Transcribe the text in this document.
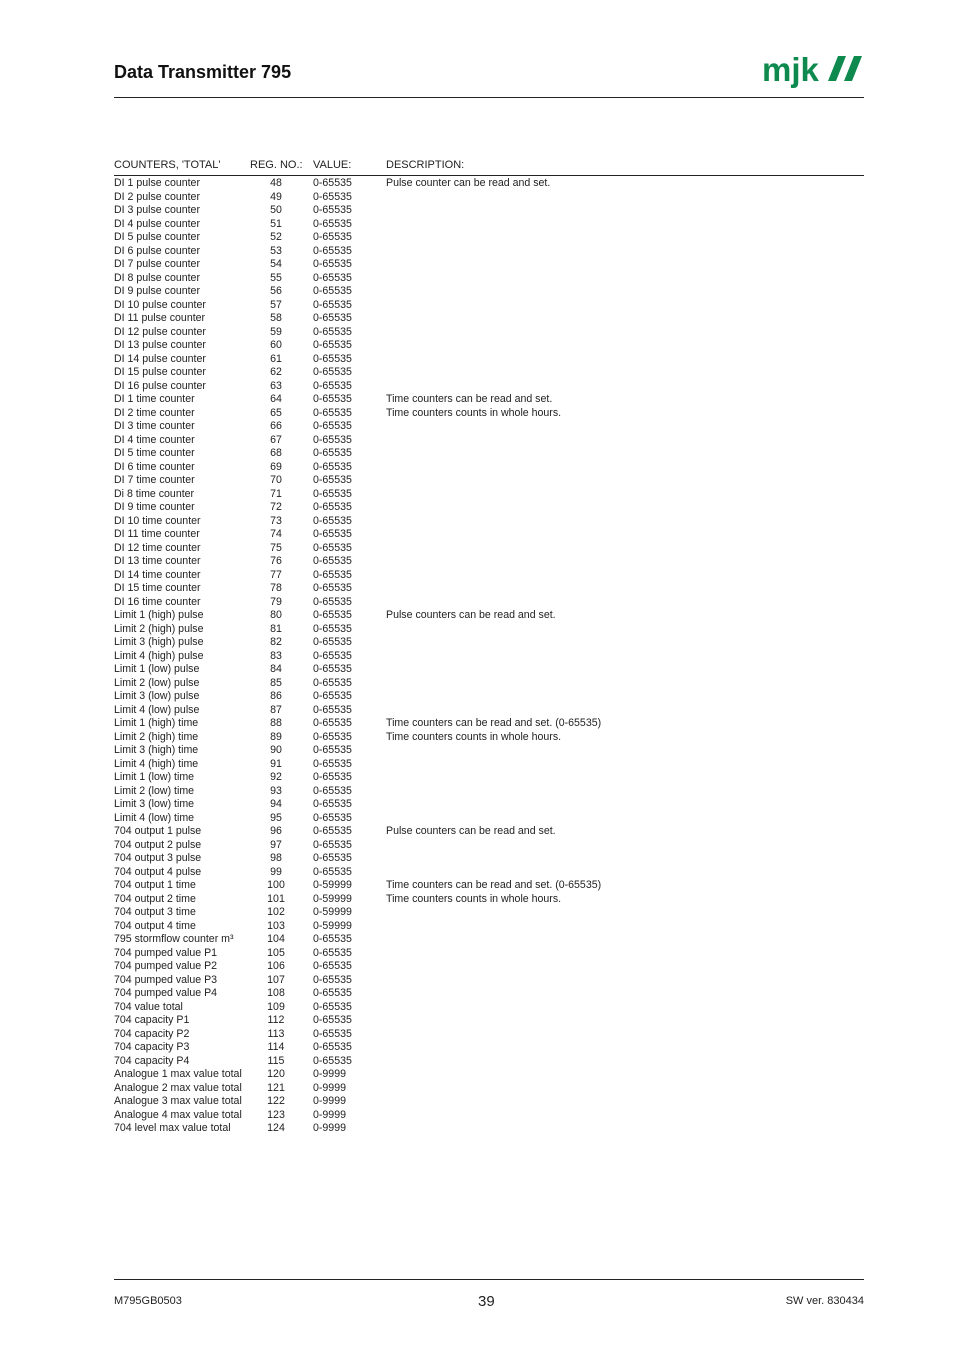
Data Transmitter 795	mjk
COUNTERS, 'TOTAL'	REG. NO.: VALUE:	DESCRIPTION:
DI 1 pulse counter	48	0-65535	Pulse counter can be read and set.
DI 2 pulse counter	49	0-65535
DI 3 pulse counter	50	0-65535
DI 4 pulse counter	51	0-65535
DI 5 pulse counter	52	0-65535
DI 6 pulse counter	53	0-65535
DI 7 pulse counter	54	0-65535
DI 8 pulse counter	55	0-65535
DI 9 pulse counter	56	0-65535
DI 10 pulse counter	57	0-65535
DI 11 pulse counter	58	0-65535
DI 12 pulse counter	59	0-65535
DI 13 pulse counter	60	0-65535
DI 14 pulse counter	61	0-65535
DI 15 pulse counter	62	0-65535
DI 16 pulse counter	63	0-65535
DI 1 time counter	64	0-65535	Time counters can be read and set.
DI 2 time counter	65	0-65535	Time counters counts in whole hours.
DI 3 time counter	66	0-65535
DI 4 time counter	67	0-65535
DI 5 time counter	68	0-65535
DI 6 time counter	69	0-65535
DI 7 time counter	70	0-65535
Di 8 time counter	71	0-65535
DI 9 time counter	72	0-65535
DI 10 time counter	73	0-65535
DI 11 time counter	74	0-65535
DI 12 time counter	75	0-65535
DI 13 time counter	76	0-65535
DI 14 time counter	77	0-65535
DI 15 time counter	78	0-65535
DI 16 time counter	79	0-65535
Limit 1 (high) pulse	80	0-65535	Pulse counters can be read and set.
Limit 2 (high) pulse	81	0-65535
Limit 3 (high) pulse	82	0-65535
Limit 4 (high) pulse	83	0-65535
Limit 1 (low) pulse	84	0-65535
Limit 2 (low) pulse	85	0-65535
Limit 3 (low) pulse	86	0-65535
Limit 4 (low) pulse	87	0-65535
Limit 1 (high) time	88	0-65535	Time counters can be read and set. (0-65535)
Limit 2 (high) time	89	0-65535	Time counters counts in whole hours.
Limit 3 (high) time	90	0-65535
Limit 4 (high) time	91	0-65535
Limit 1 (low) time	92	0-65535
Limit 2 (low) time	93	0-65535
Limit 3 (low) time	94	0-65535
Limit 4 (low) time	95	0-65535
704 output 1 pulse	96	0-65535	Pulse counters can be read and set.
704 output 2 pulse	97	0-65535
704 output 3 pulse	98	0-65535
704 output 4 pulse	99	0-65535
704 output 1 time	100	0-59999	Time counters can be read and set. (0-65535)
704 output 2 time	101	0-59999	Time counters counts in whole hours.
704 output 3 time	102	0-59999
704 output 4 time	103	0-59999
795 stormflow counter m³	104	0-65535
704 pumped value P1	105	0-65535
704 pumped value P2	106	0-65535
704 pumped value P3	107	0-65535
704 pumped value P4	108	0-65535
704 value total	109	0-65535
704 capacity P1	112	0-65535
704 capacity P2	113	0-65535
704 capacity P3	114	0-65535
704 capacity P4	115	0-65535
Analogue 1 max value total	120	0-9999
Analogue 2 max value total	121	0-9999
Analogue 3 max value total	122	0-9999
Analogue 4 max value total	123	0-9999
704 level max value total	124	0-9999
M795GB0503	39	SW ver. 830434
